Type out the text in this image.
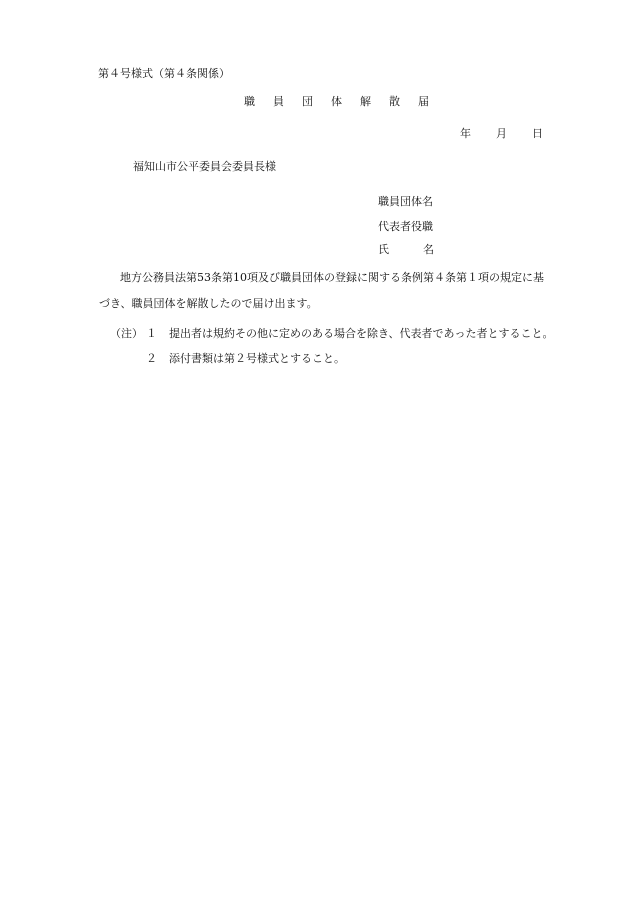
第４号様式（第４条関係）
職 員 団 体 解 散 届
年 月 日
福知山市公平委員会委員長様
職員団体名
代表者役職
氏	名
地方公務員法第53条第10項及び職員団体の登録に関する条例第４条第１項の規定に基
づき、職員団体を解散したので届け出ます。
（注） １ 提出者は規約その他に定めのある場合を除き、代表者であった者とすること。
２ 添付書類は第２号様式とすること。
